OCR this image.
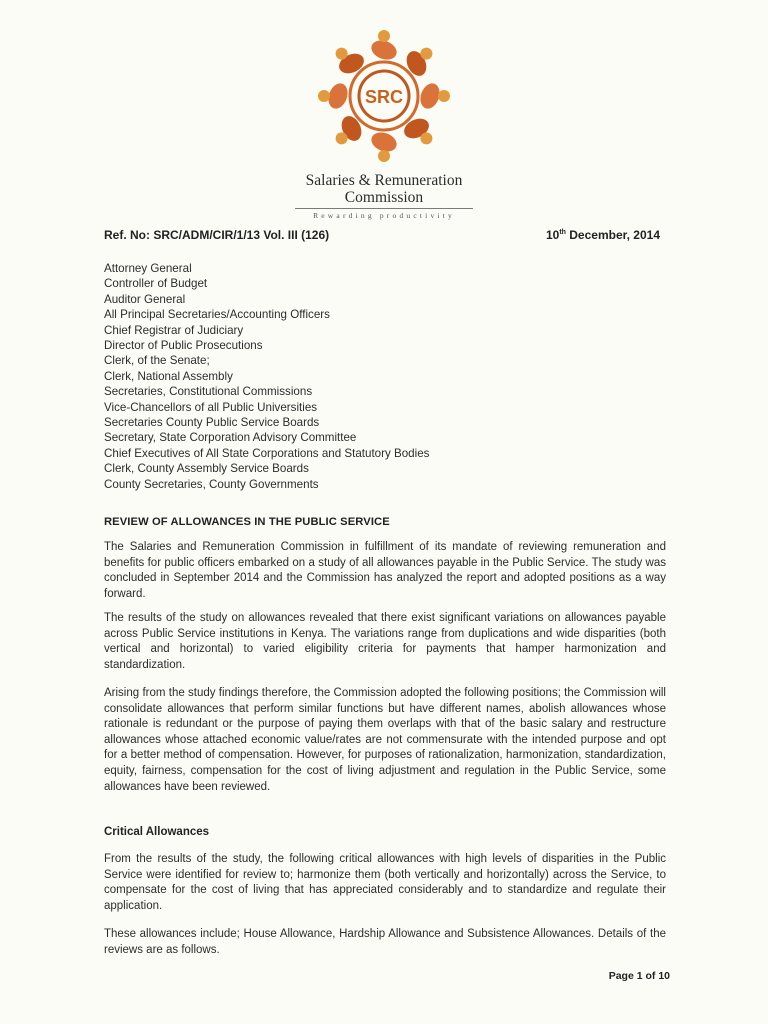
SRC
Salaries & Remuneration
Commission
Rewarding productivity
Ref. No: SRC/ADM/CIR/1/13 Vol. III (126)	10th December, 2014
Attorney General
Controller of Budget
Auditor General
All Principal Secretaries/Accounting Officers
Chief Registrar of Judiciary
Director of Public Prosecutions
Clerk, of the Senate;
Clerk, National Assembly
Secretaries, Constitutional Commissions
Vice-Chancellors of all Public Universities
Secretaries County Public Service Boards
Secretary, State Corporation Advisory Committee
Chief Executives of All State Corporations and Statutory Bodies
Clerk, County Assembly Service Boards
County Secretaries, County Governments
REVIEW OF ALLOWANCES IN THE PUBLIC SERVICE

The Salaries and Remuneration Commission in fulfillment of its mandate of reviewing remuneration and benefits for public officers embarked on a study of all allowances payable in the Public Service. The study was concluded in September 2014 and the Commission has analyzed the report and adopted positions as a way forward.

The results of the study on allowances revealed that there exist significant variations on allowances payable across Public Service institutions in Kenya. The variations range from duplications and wide disparities (both vertical and horizontal) to varied eligibility criteria for payments that hamper harmonization and standardization.

Arising from the study findings therefore, the Commission adopted the following positions; the Commission will consolidate allowances that perform similar functions but have different names, abolish allowances whose rationale is redundant or the purpose of paying them overlaps with that of the basic salary and restructure allowances whose attached economic value/rates are not commensurate with the intended purpose and opt for a better method of compensation. However, for purposes of rationalization, harmonization, standardization, equity, fairness, compensation for the cost of living adjustment and regulation in the Public Service, some allowances have been reviewed.

Critical Allowances

From the results of the study, the following critical allowances with high levels of disparities in the Public Service were identified for review to; harmonize them (both vertically and horizontally) across the Service, to compensate for the cost of living that has appreciated considerably and to standardize and regulate their application.

These allowances include; House Allowance, Hardship Allowance and Subsistence Allowances. Details of the reviews are as follows.

Page 1 of 10
